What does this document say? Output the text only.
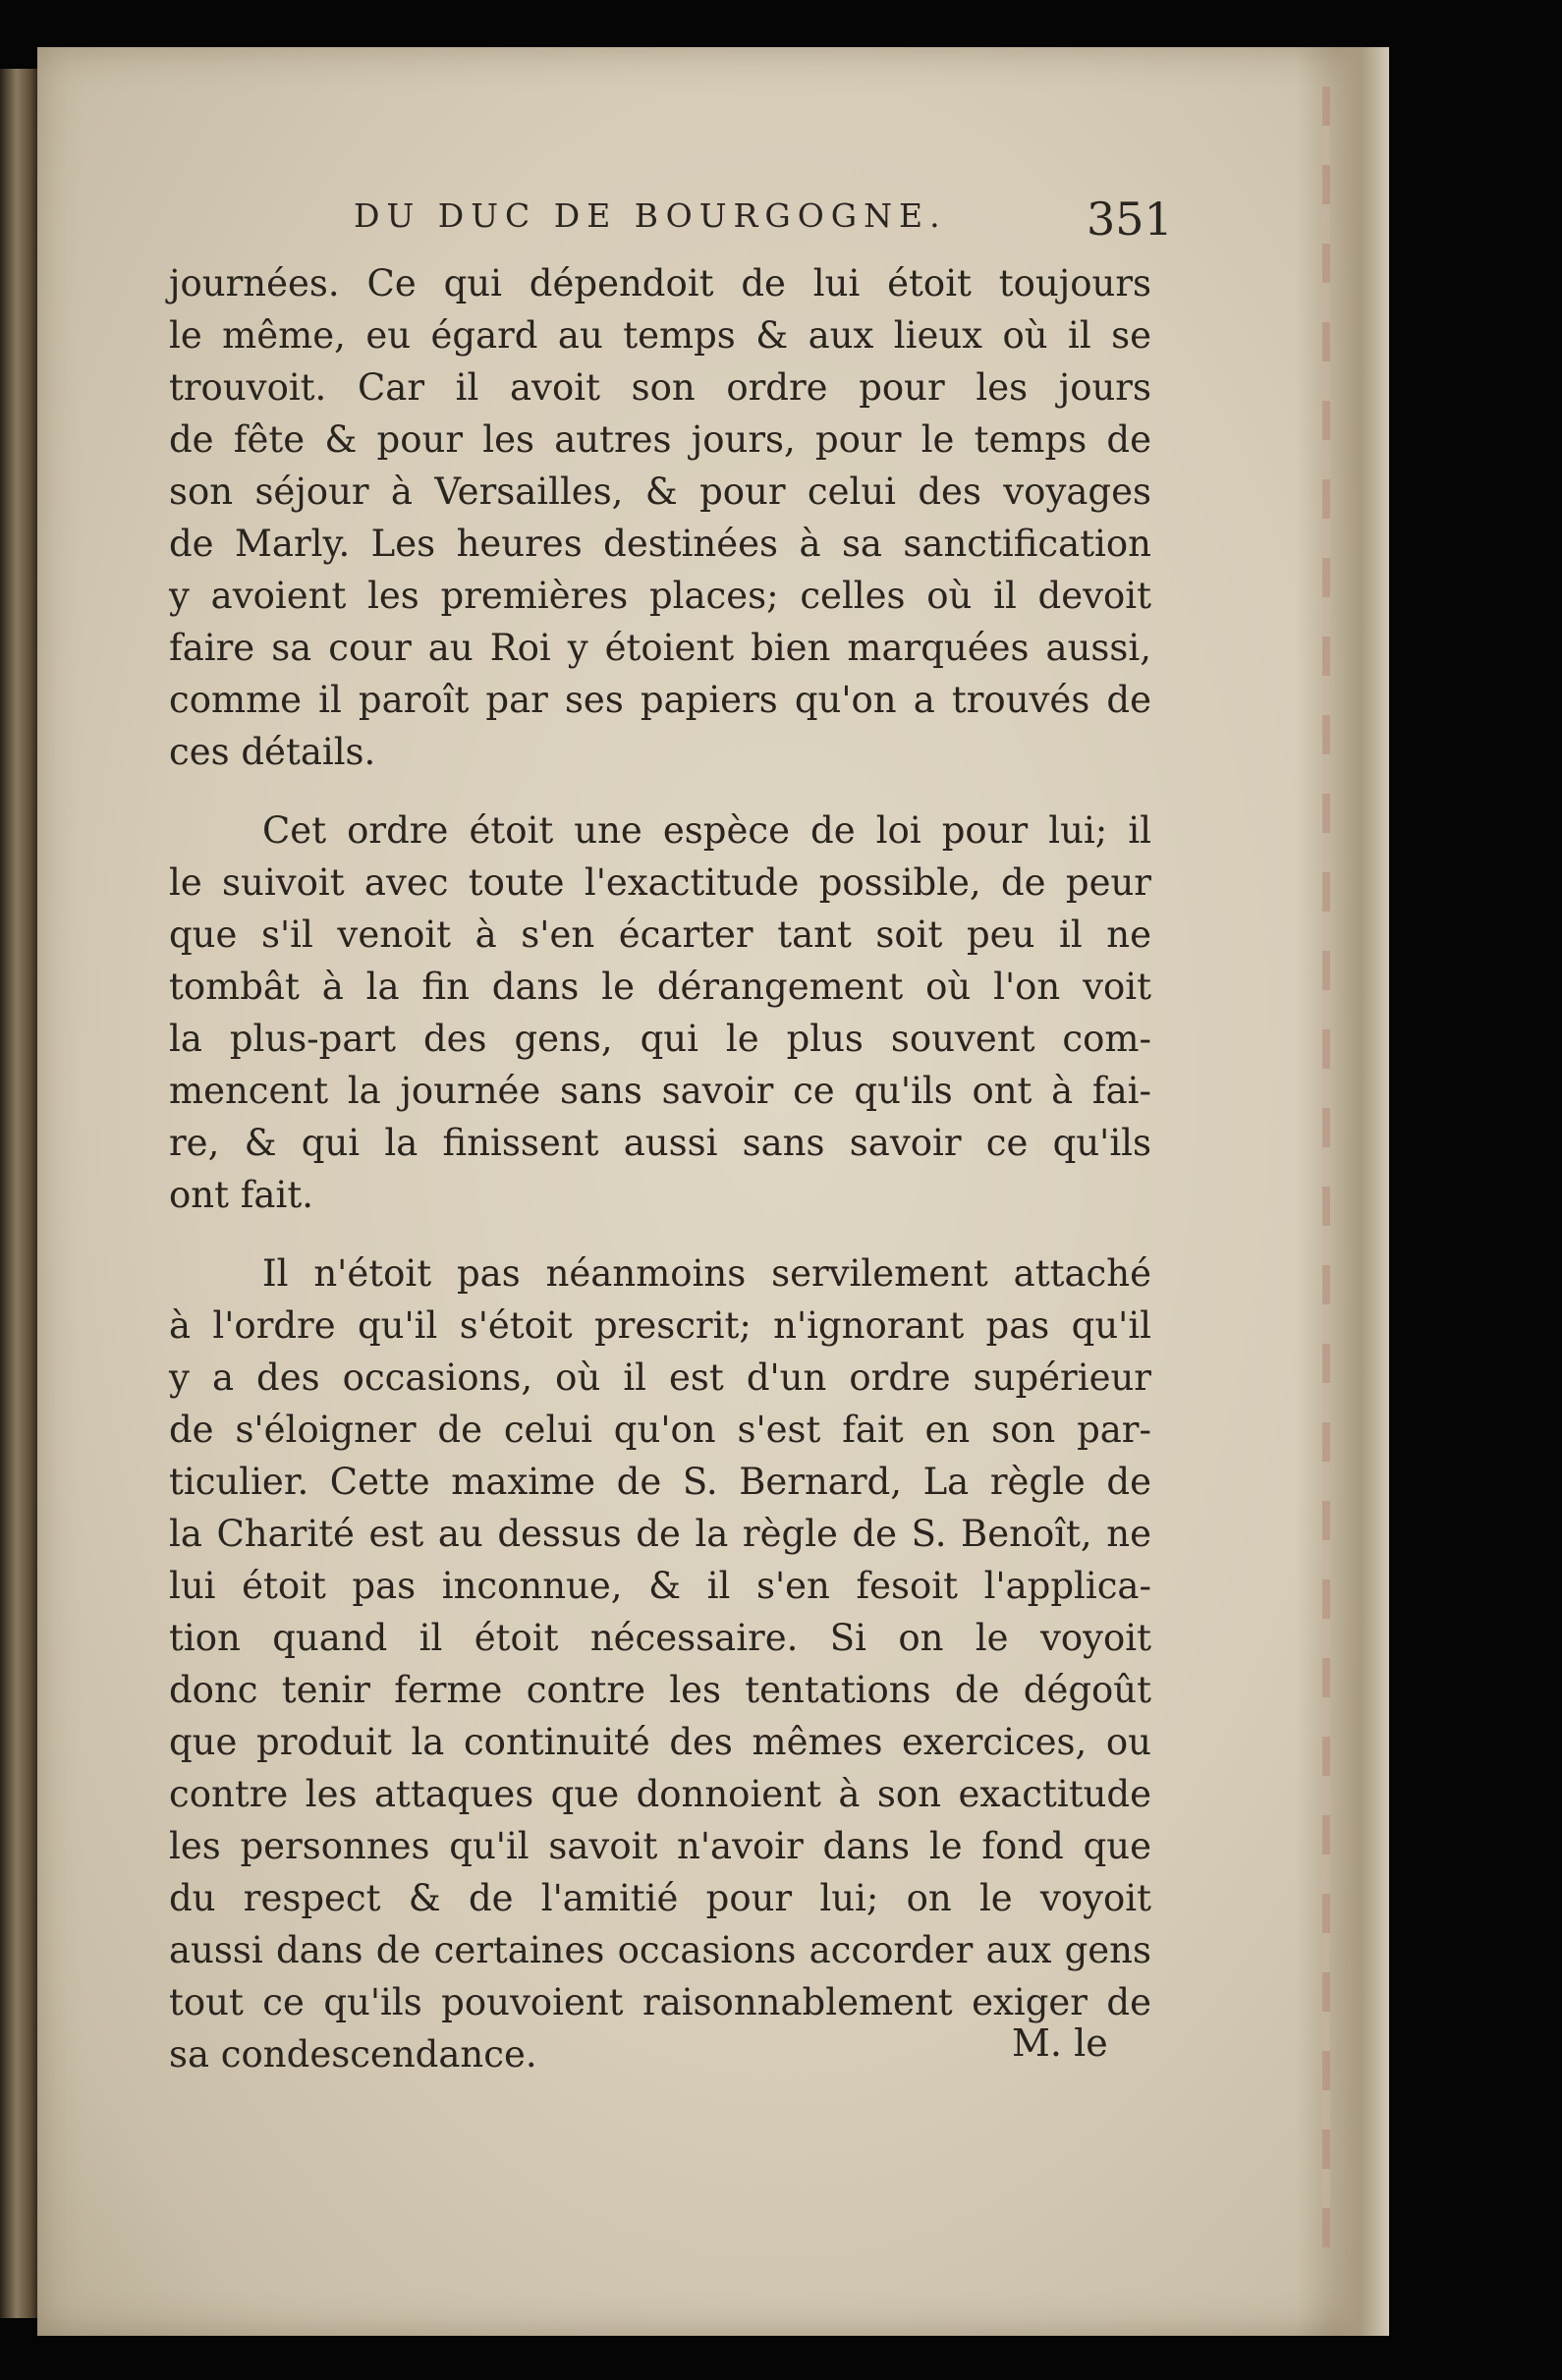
DU DUC DE BOURGOGNE.	351
journées. Ce qui dépendoit de lui étoit toujours
le même, eu égard au temps & aux lieux où il se
trouvoit. Car il avoit son ordre pour les jours
de fête & pour les autres jours, pour le temps de
son séjour à Versailles, & pour celui des voyages
de Marly. Les heures destinées à sa sanctification
y avoient les premières places; celles où il devoit
faire sa cour au Roi y étoient bien marquées aussi,
comme il paroît par ses papiers qu'on a trouvés de
ces détails.
Cet ordre étoit une espèce de loi pour lui; il
le suivoit avec toute l'exactitude possible, de peur
que s'il venoit à s'en écarter tant soit peu il ne
tombât à la fin dans le dérangement où l'on voit
la plus-part des gens, qui le plus souvent com-
mencent la journée sans savoir ce qu'ils ont à fai-
re, & qui la finissent aussi sans savoir ce qu'ils
ont fait.
Il n'étoit pas néanmoins servilement attaché
à l'ordre qu'il s'étoit prescrit; n'ignorant pas qu'il
y a des occasions, où il est d'un ordre supérieur
de s'éloigner de celui qu'on s'est fait en son par-
ticulier. Cette maxime de S. Bernard, La règle de
la Charité est au dessus de la règle de S. Benoît, ne
lui étoit pas inconnue, & il s'en fesoit l'applica-
tion quand il étoit nécessaire. Si on le voyoit
donc tenir ferme contre les tentations de dégoût
que produit la continuité des mêmes exercices, ou
contre les attaques que donnoient à son exactitude
les personnes qu'il savoit n'avoir dans le fond que
du respect & de l'amitié pour lui; on le voyoit
aussi dans de certaines occasions accorder aux gens
tout ce qu'ils pouvoient raisonnablement exiger de
sa condescendance.	M. le
